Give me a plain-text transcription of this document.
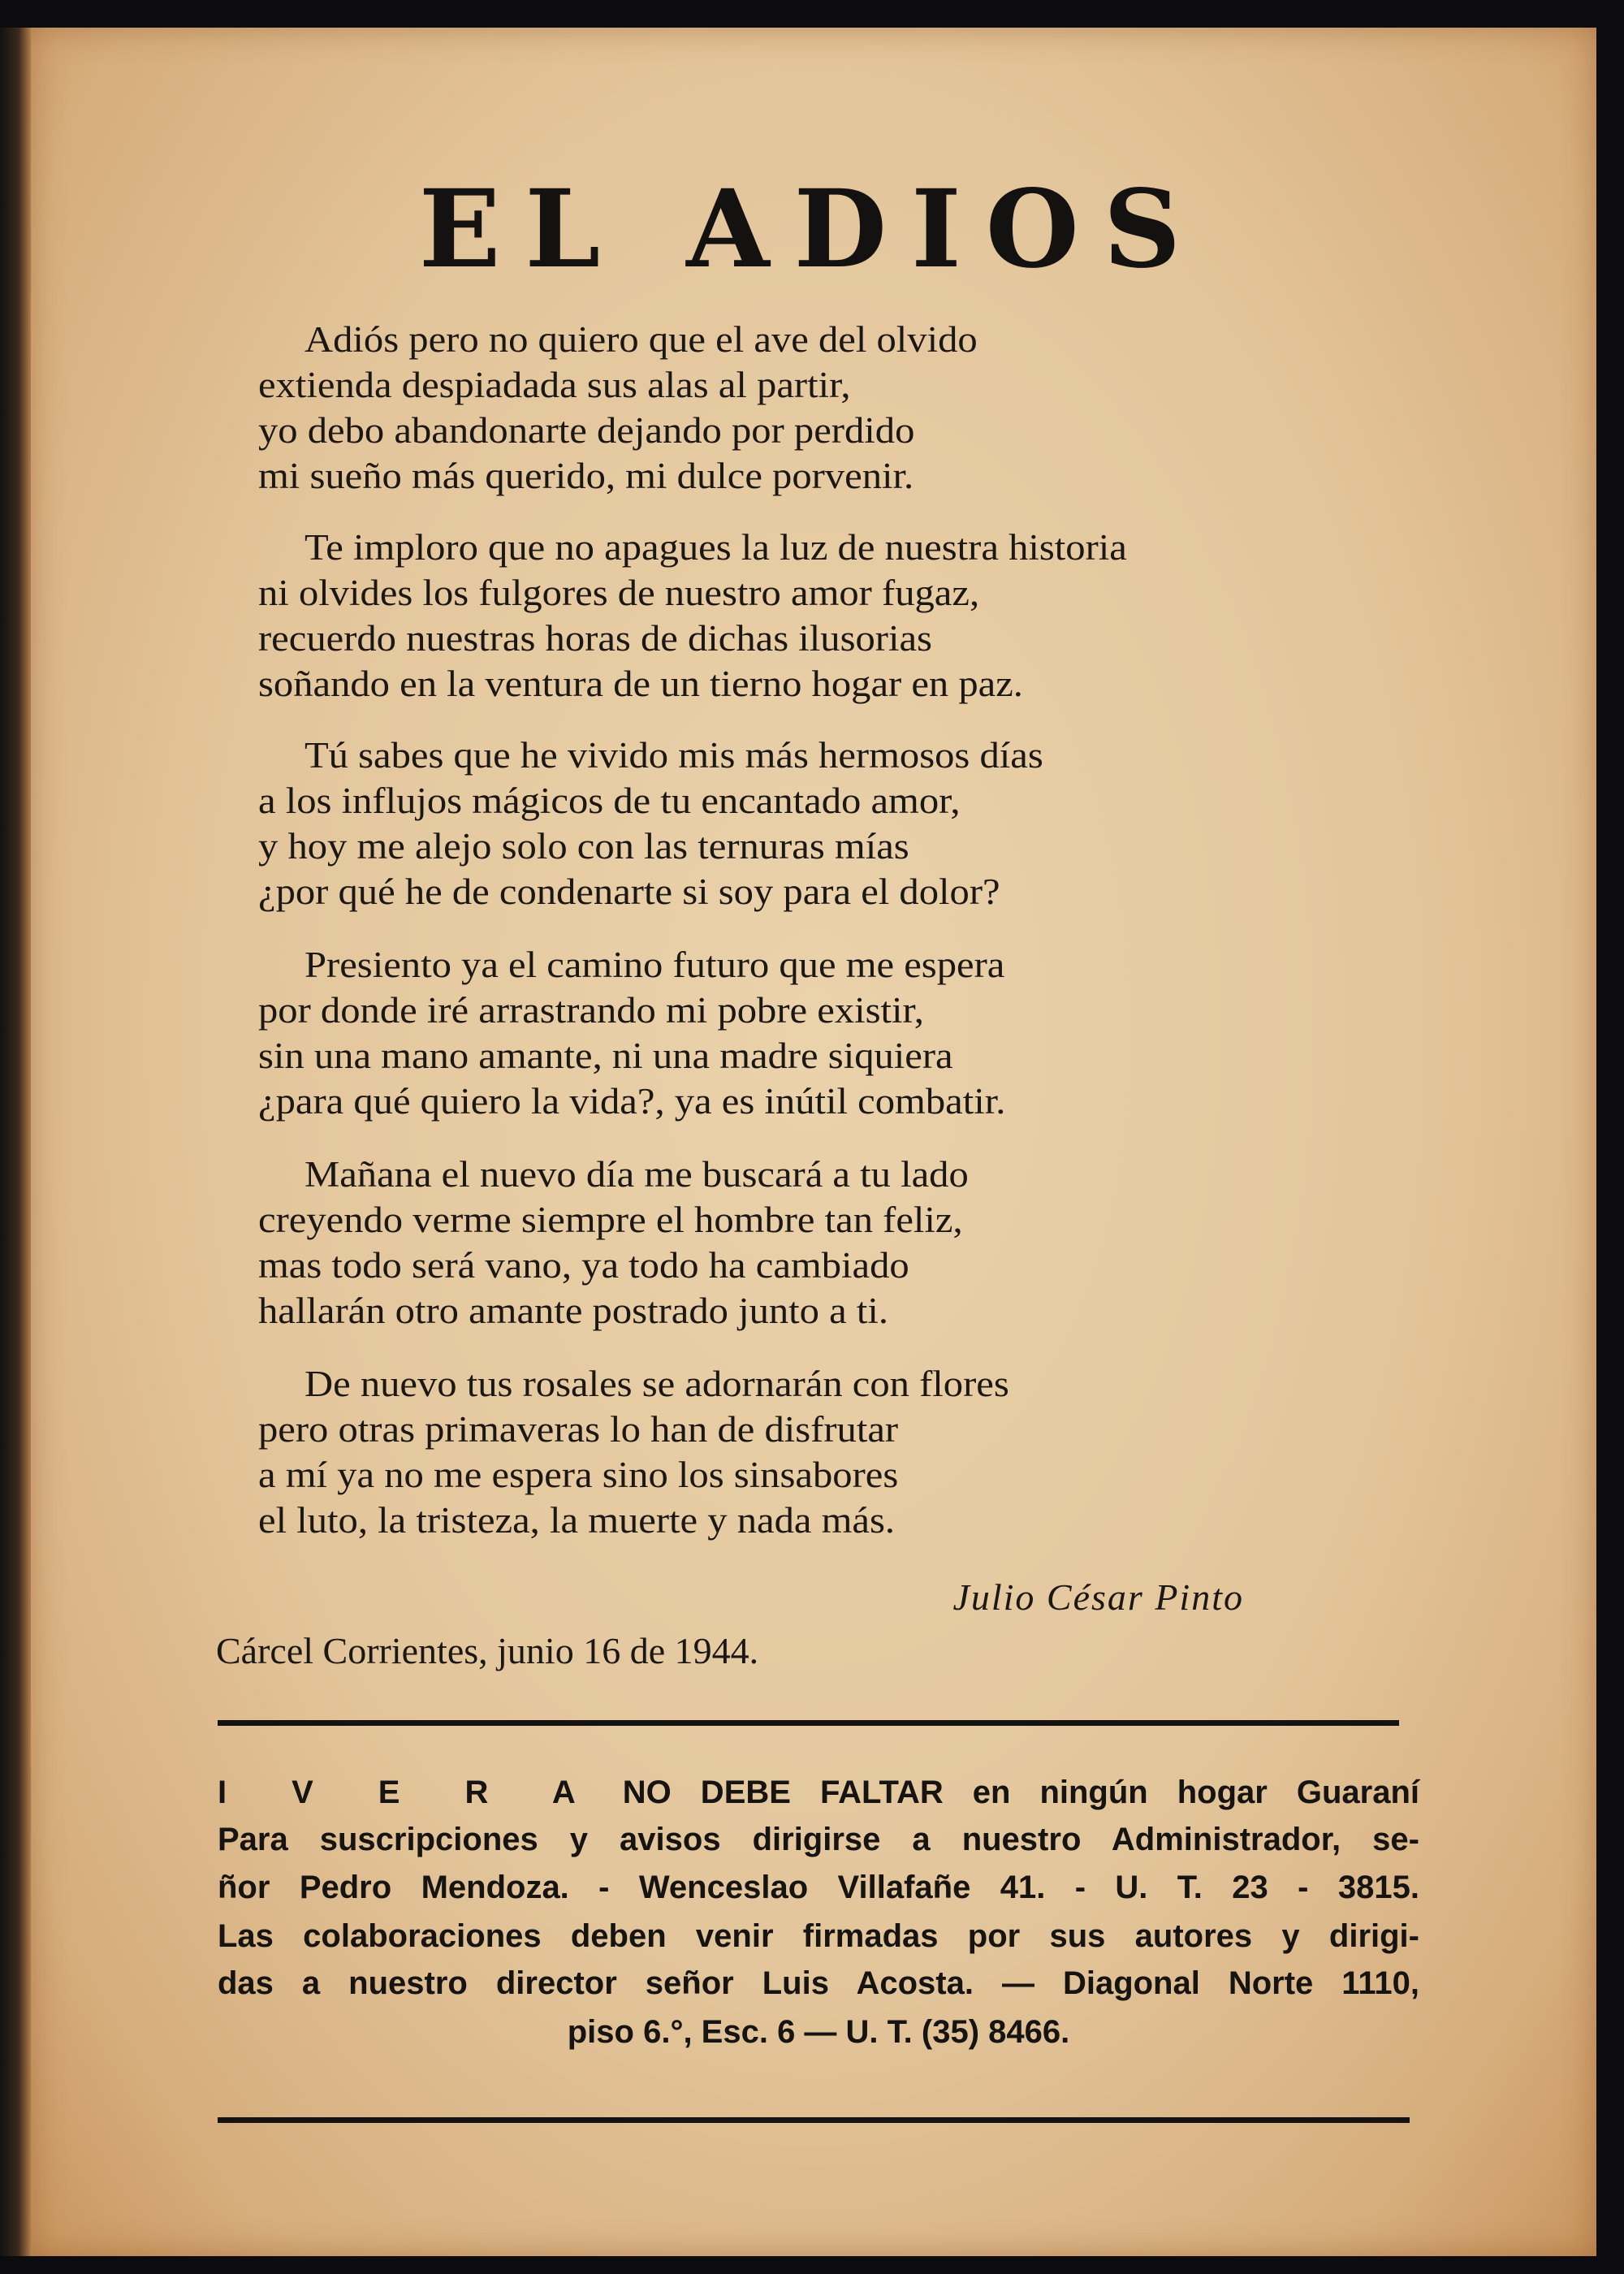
EL ADIOS
Adiós pero no quiero que el ave del olvido
extienda despiadada sus alas al partir,
yo debo abandonarte dejando por perdido
mi sueño más querido, mi dulce porvenir.
Te imploro que no apagues la luz de nuestra historia
ni olvides los fulgores de nuestro amor fugaz,
recuerdo nuestras horas de dichas ilusorias
soñando en la ventura de un tierno hogar en paz.
Tú sabes que he vivido mis más hermosos días
a los influjos mágicos de tu encantado amor,
y hoy me alejo solo con las ternuras mías
¿por qué he de condenarte si soy para el dolor?
Presiento ya el camino futuro que me espera
por donde iré arrastrando mi pobre existir,
sin una mano amante, ni una madre siquiera
¿para qué quiero la vida?, ya es inútil combatir.
Mañana el nuevo día me buscará a tu lado
creyendo verme siempre el hombre tan feliz,
mas todo será vano, ya todo ha cambiado
hallarán otro amante postrado junto a ti.
De nuevo tus rosales se adornarán con flores
pero otras primaveras lo han de disfrutar
a mí ya no me espera sino los sinsabores
el luto, la tristeza, la muerte y nada más.
Julio César Pinto
Cárcel Corrientes, junio 16 de 1944.
I V E R A NO DEBE FALTAR en ningún hogar Guaraní
Para suscripciones y avisos dirigirse a nuestro Administrador, se-
ñor Pedro Mendoza. - Wenceslao Villafañe 41. - U. T. 23 - 3815.
Las colaboraciones deben venir firmadas por sus autores y dirigi-
das a nuestro director señor Luis Acosta. — Diagonal Norte 1110,
piso 6.°, Esc. 6 — U. T. (35) 8466.
